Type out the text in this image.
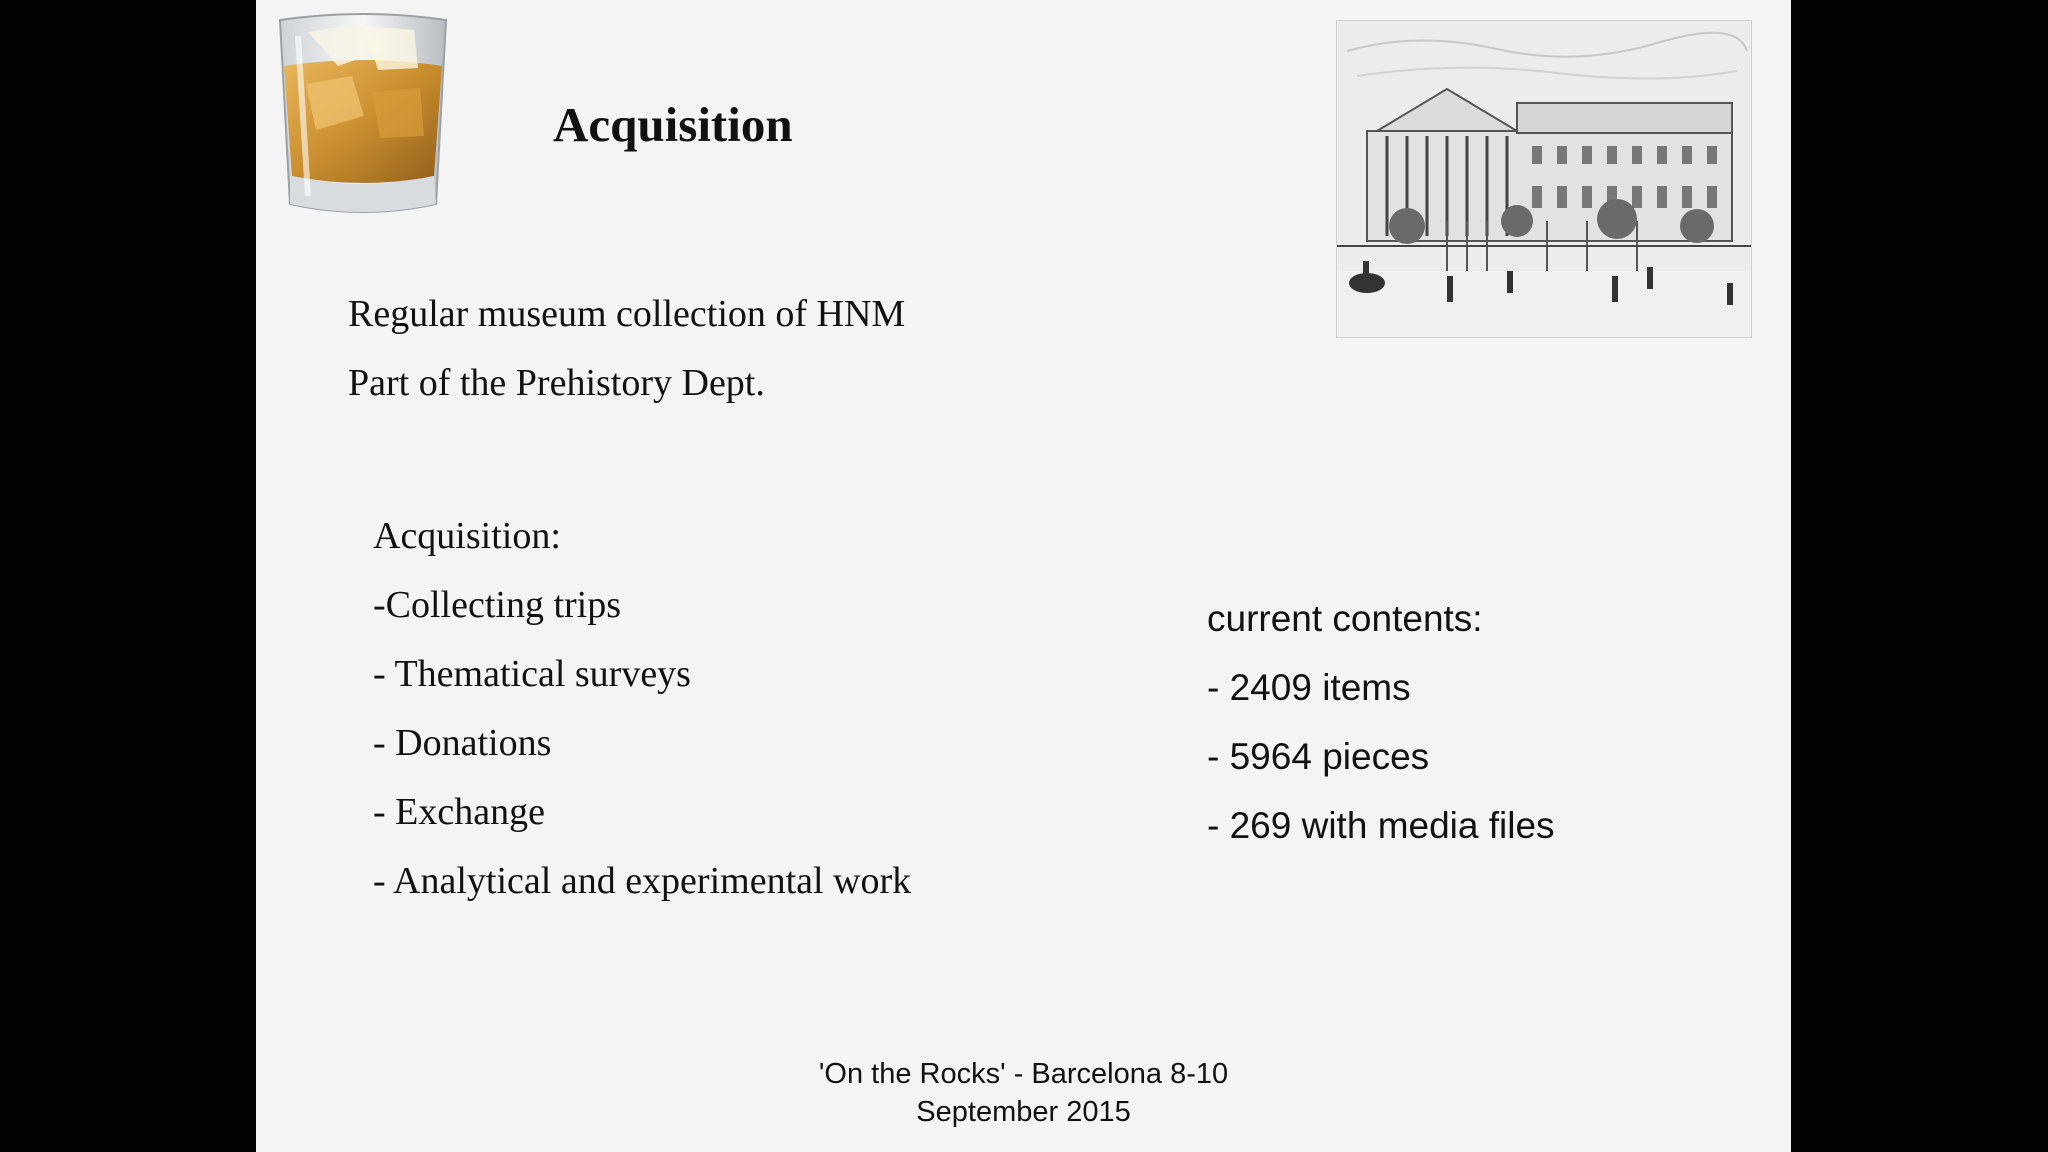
Acquisition
Regular museum collection of HNM
Part of the Prehistory Dept.
Acquisition:
-Collecting trips
- Thematical surveys
- Donations
- Exchange
- Analytical and experimental work
current contents:
- 2409 items
- 5964 pieces
- 269 with media files
'On the Rocks' - Barcelona 8-10
September 2015
